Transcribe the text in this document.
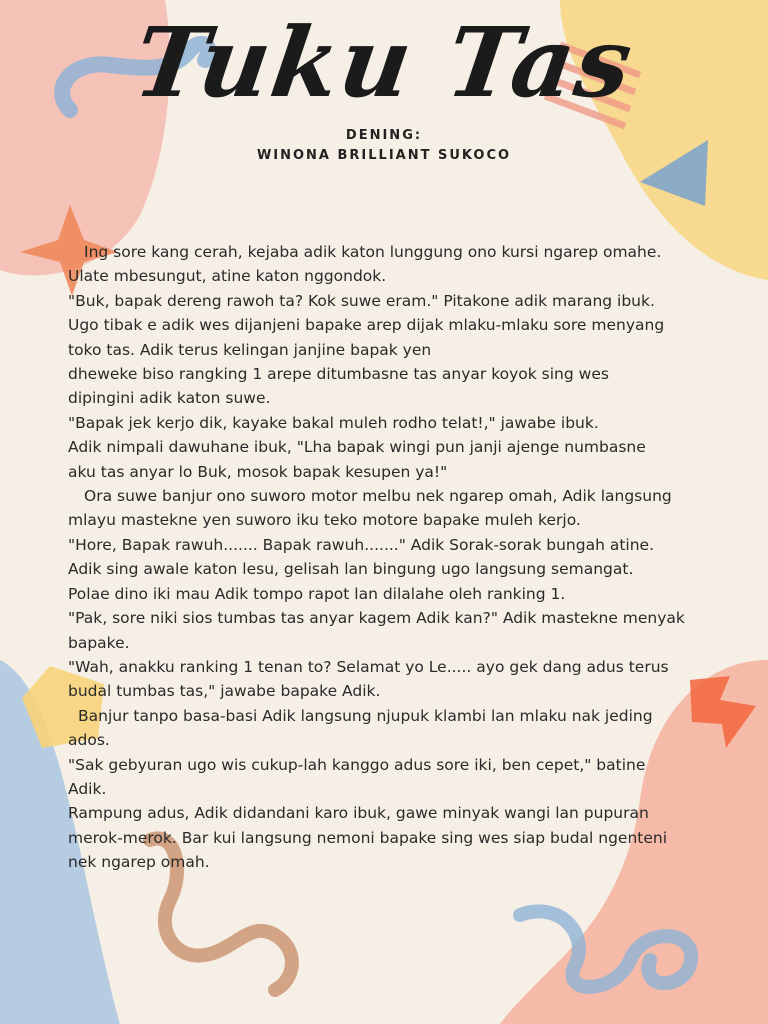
Tuku Tas
DENING:
WINONA BRILLIANT SUKOCO

Ing sore kang cerah, kejaba adik katon lunggung ono kursi ngarep omahe.

Ulate mbesungut, atine katon nggondok.

"Buk, bapak dereng rawoh ta? Kok suwe eram." Pitakone adik marang ibuk.

Ugo tibak e adik wes dijanjeni bapake arep dijak mlaku-mlaku sore menyang

toko tas. Adik terus kelingan janjine bapak yen

dheweke biso rangking 1 arepe ditumbasne tas anyar koyok sing wes

dipingini adik katon suwe.

"Bapak jek kerjo dik, kayake bakal muleh rodho telat!," jawabe ibuk.

Adik nimpali dawuhane ibuk, "Lha bapak wingi pun janji ajenge numbasne

aku tas anyar lo Buk, mosok bapak kesupen ya!"

Ora suwe banjur ono suworo motor melbu nek ngarep omah, Adik langsung

mlayu mastekne yen suworo iku teko motore bapake muleh kerjo.

"Hore, Bapak rawuh....... Bapak rawuh......." Adik Sorak-sorak bungah atine.

Adik sing awale katon lesu, gelisah lan bingung ugo langsung semangat.

Polae dino iki mau Adik tompo rapot lan dilalahe oleh ranking 1.

"Pak, sore niki sios tumbas tas anyar kagem Adik kan?" Adik mastekne menyak

bapake.

"Wah, anakku ranking 1 tenan to? Selamat yo Le..... ayo gek dang adus terus

budal tumbas tas," jawabe bapake Adik.

Banjur tanpo basa-basi Adik langsung njupuk klambi lan mlaku nak jeding

ados.

"Sak gebyuran ugo wis cukup-lah kanggo adus sore iki, ben cepet," batine

Adik.

Rampung adus, Adik didandani karo ibuk, gawe minyak wangi lan pupuran

merok-merok. Bar kui langsung nemoni bapake sing wes siap budal ngenteni

nek ngarep omah.
